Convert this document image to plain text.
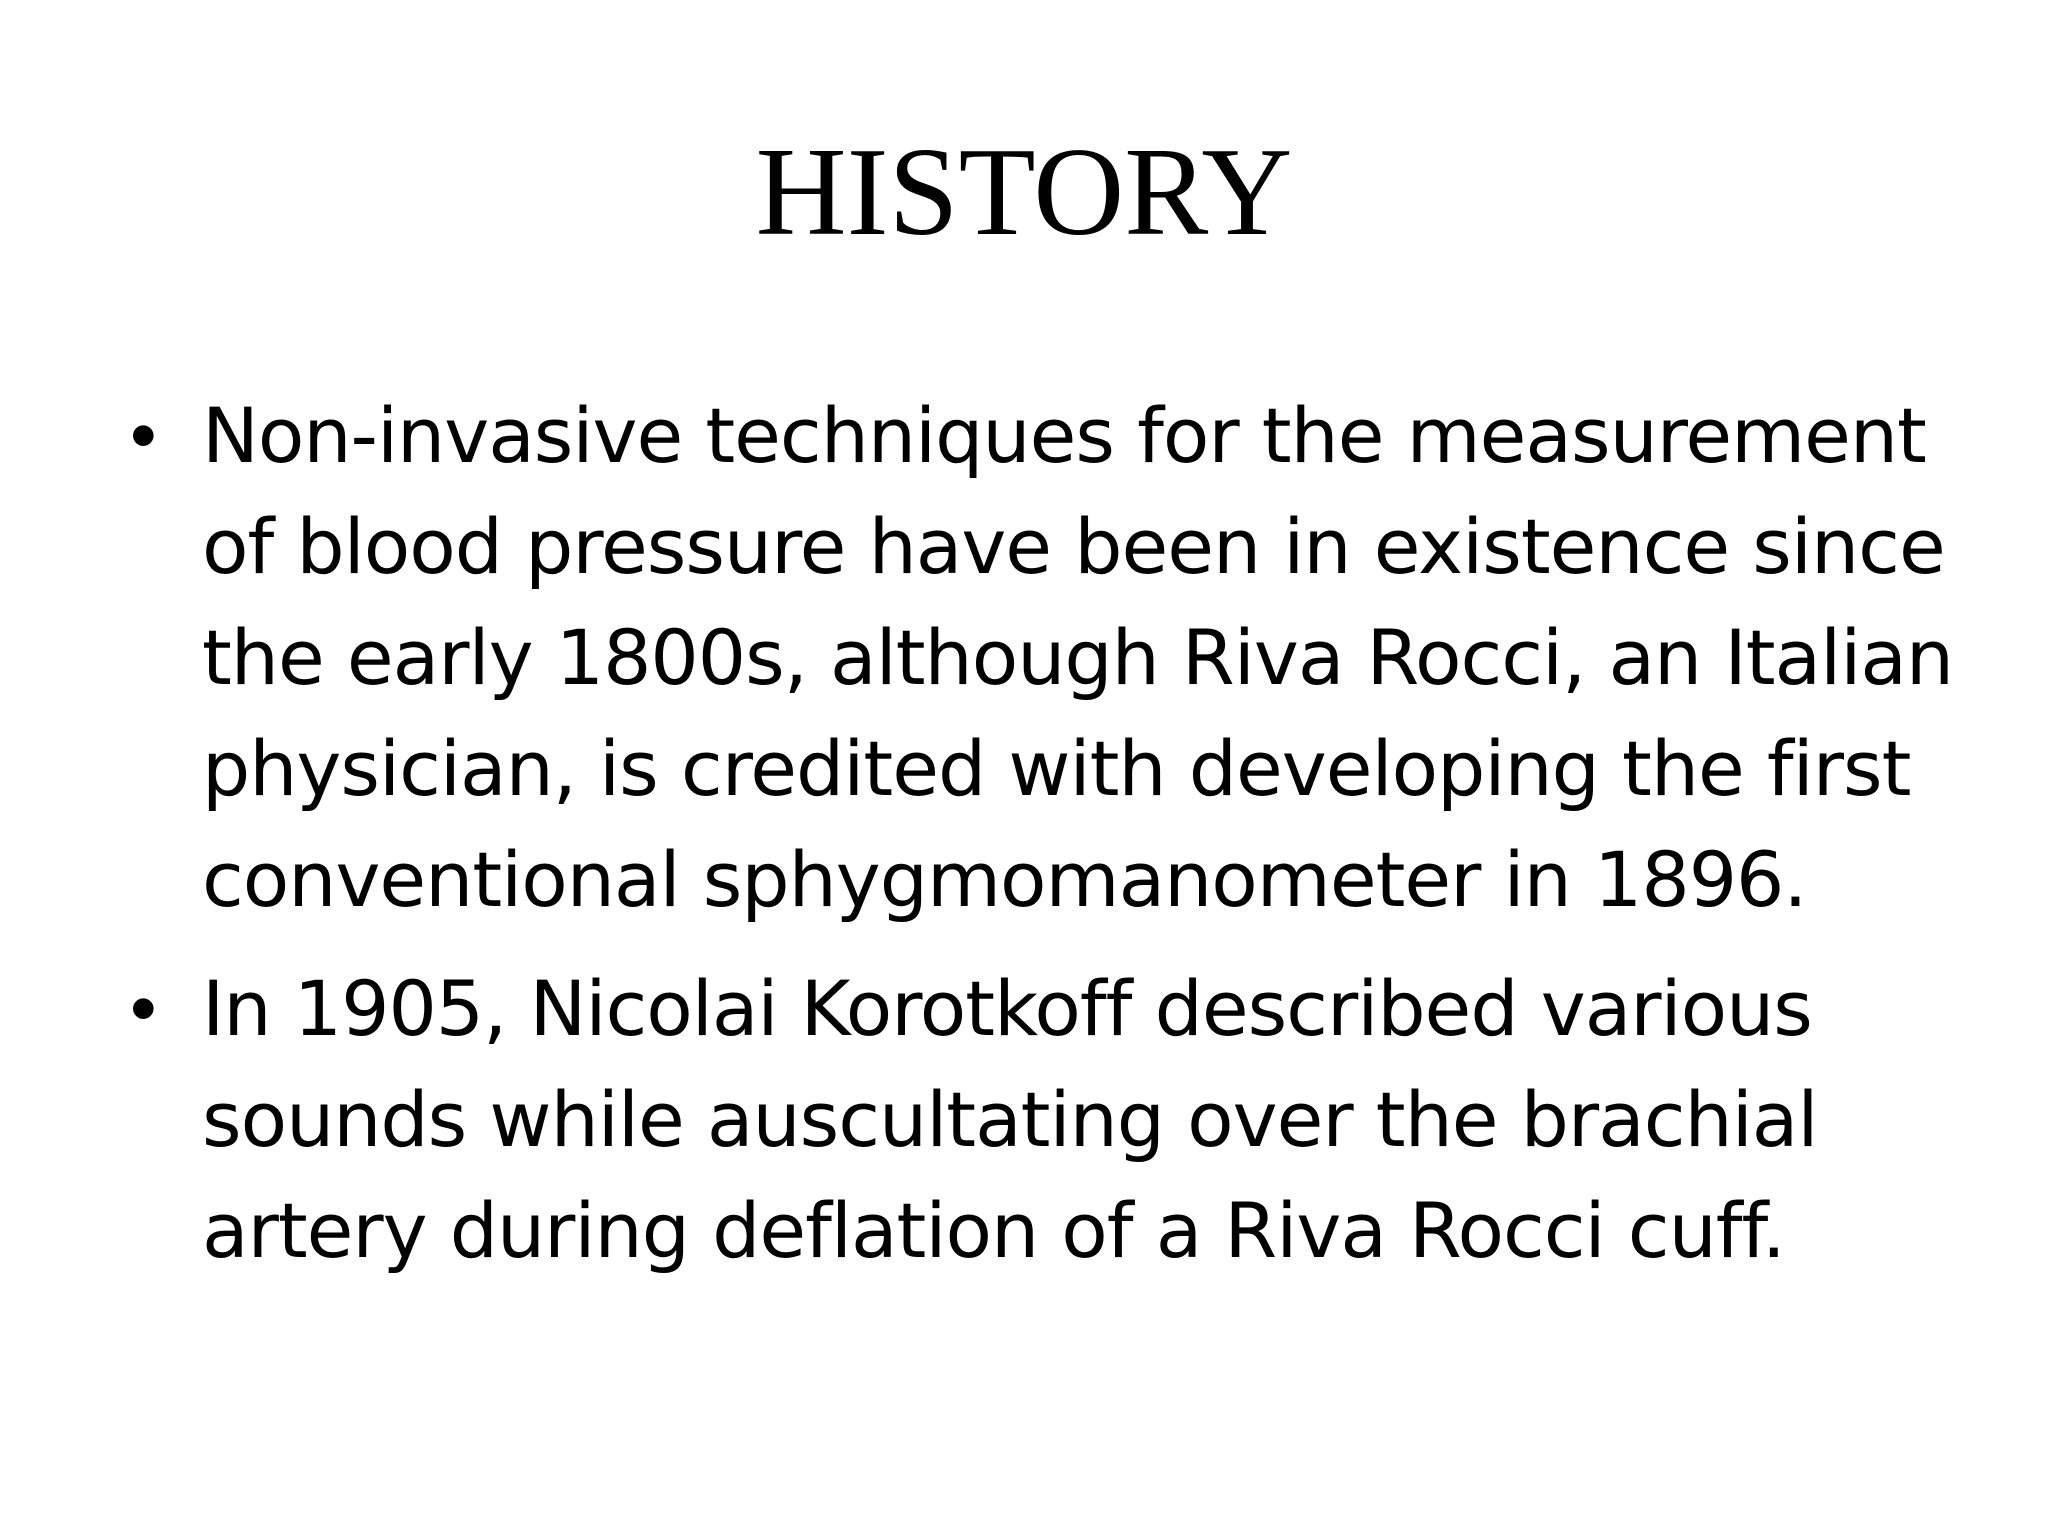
HISTORY
• Non-invasive techniques for the measurement
of blood pressure have been in existence since
the early 1800s, although Riva Rocci, an Italian
physician, is credited with developing the first
conventional sphygmomanometer in 1896.
• In 1905, Nicolai Korotkoff described various
sounds while auscultating over the brachial
artery during deflation of a Riva Rocci cuff.
